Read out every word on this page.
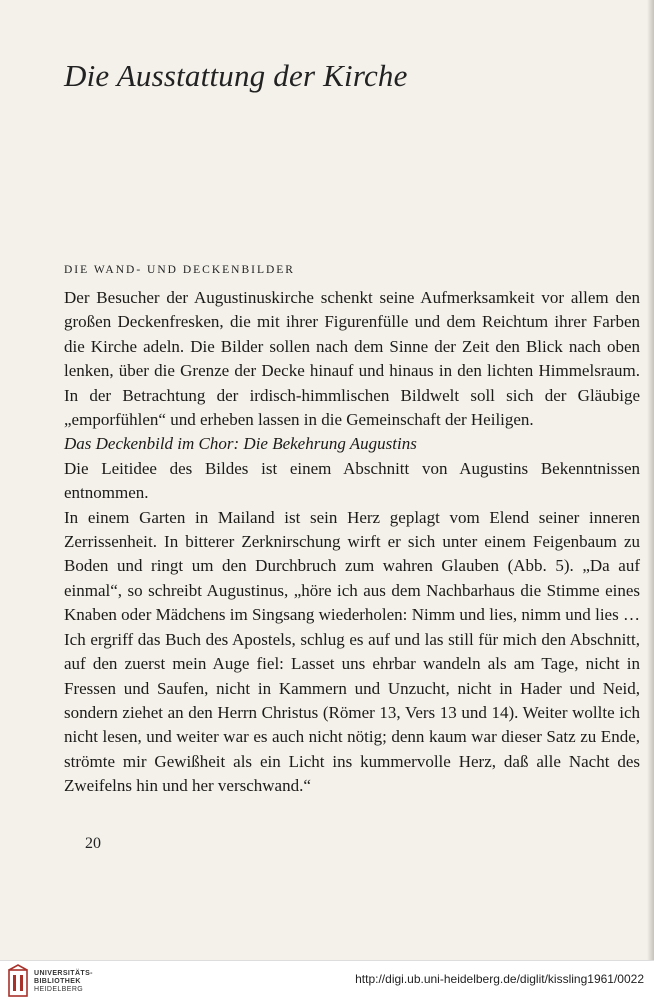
Die Ausstattung der Kirche
DIE WAND- UND DECKENBILDER

Der Besucher der Augustinuskirche schenkt seine Aufmerksamkeit vor allem den großen Deckenfresken, die mit ihrer Figurenfülle und dem Reichtum ihrer Farben die Kirche adeln. Die Bilder sollen nach dem Sinne der Zeit den Blick nach oben lenken, über die Grenze der Decke hinauf und hinaus in den lichten Himmelsraum. In der Betrachtung der irdisch-himmlischen Bildwelt soll sich der Gläubige „emporfühlen“ und erheben lassen in die Gemeinschaft der Heiligen.

Das Deckenbild im Chor: Die Bekehrung Augustins

Die Leitidee des Bildes ist einem Abschnitt von Augustins Bekenntnissen entnommen.

In einem Garten in Mailand ist sein Herz geplagt vom Elend seiner inneren Zerrissenheit. In bitterer Zerknirschung wirft er sich unter einem Feigenbaum zu Boden und ringt um den Durchbruch zum wahren Glauben (Abb. 5). „Da auf einmal“, so schreibt Augustinus, „höre ich aus dem Nachbarhaus die Stimme eines Knaben oder Mädchens im Singsang wiederholen: Nimm und lies, nimm und lies … Ich ergriff das Buch des Apostels, schlug es auf und las still für mich den Abschnitt, auf den zuerst mein Auge fiel: Lasset uns ehrbar wandeln als am Tage, nicht in Fressen und Saufen, nicht in Kammern und Unzucht, nicht in Hader und Neid, sondern ziehet an den Herrn Christus (Römer 13, Vers 13 und 14). Weiter wollte ich nicht lesen, und weiter war es auch nicht nötig; denn kaum war dieser Satz zu Ende, strömte mir Gewißheit als ein Licht ins kummervolle Herz, daß alle Nacht des Zweifelns hin und her verschwand.“

20
UNIVERSITÄTS-
BIBLIOTHEK
HEIDELBERG
http://digi.ub.uni-heidelberg.de/diglit/kissling1961/0022
